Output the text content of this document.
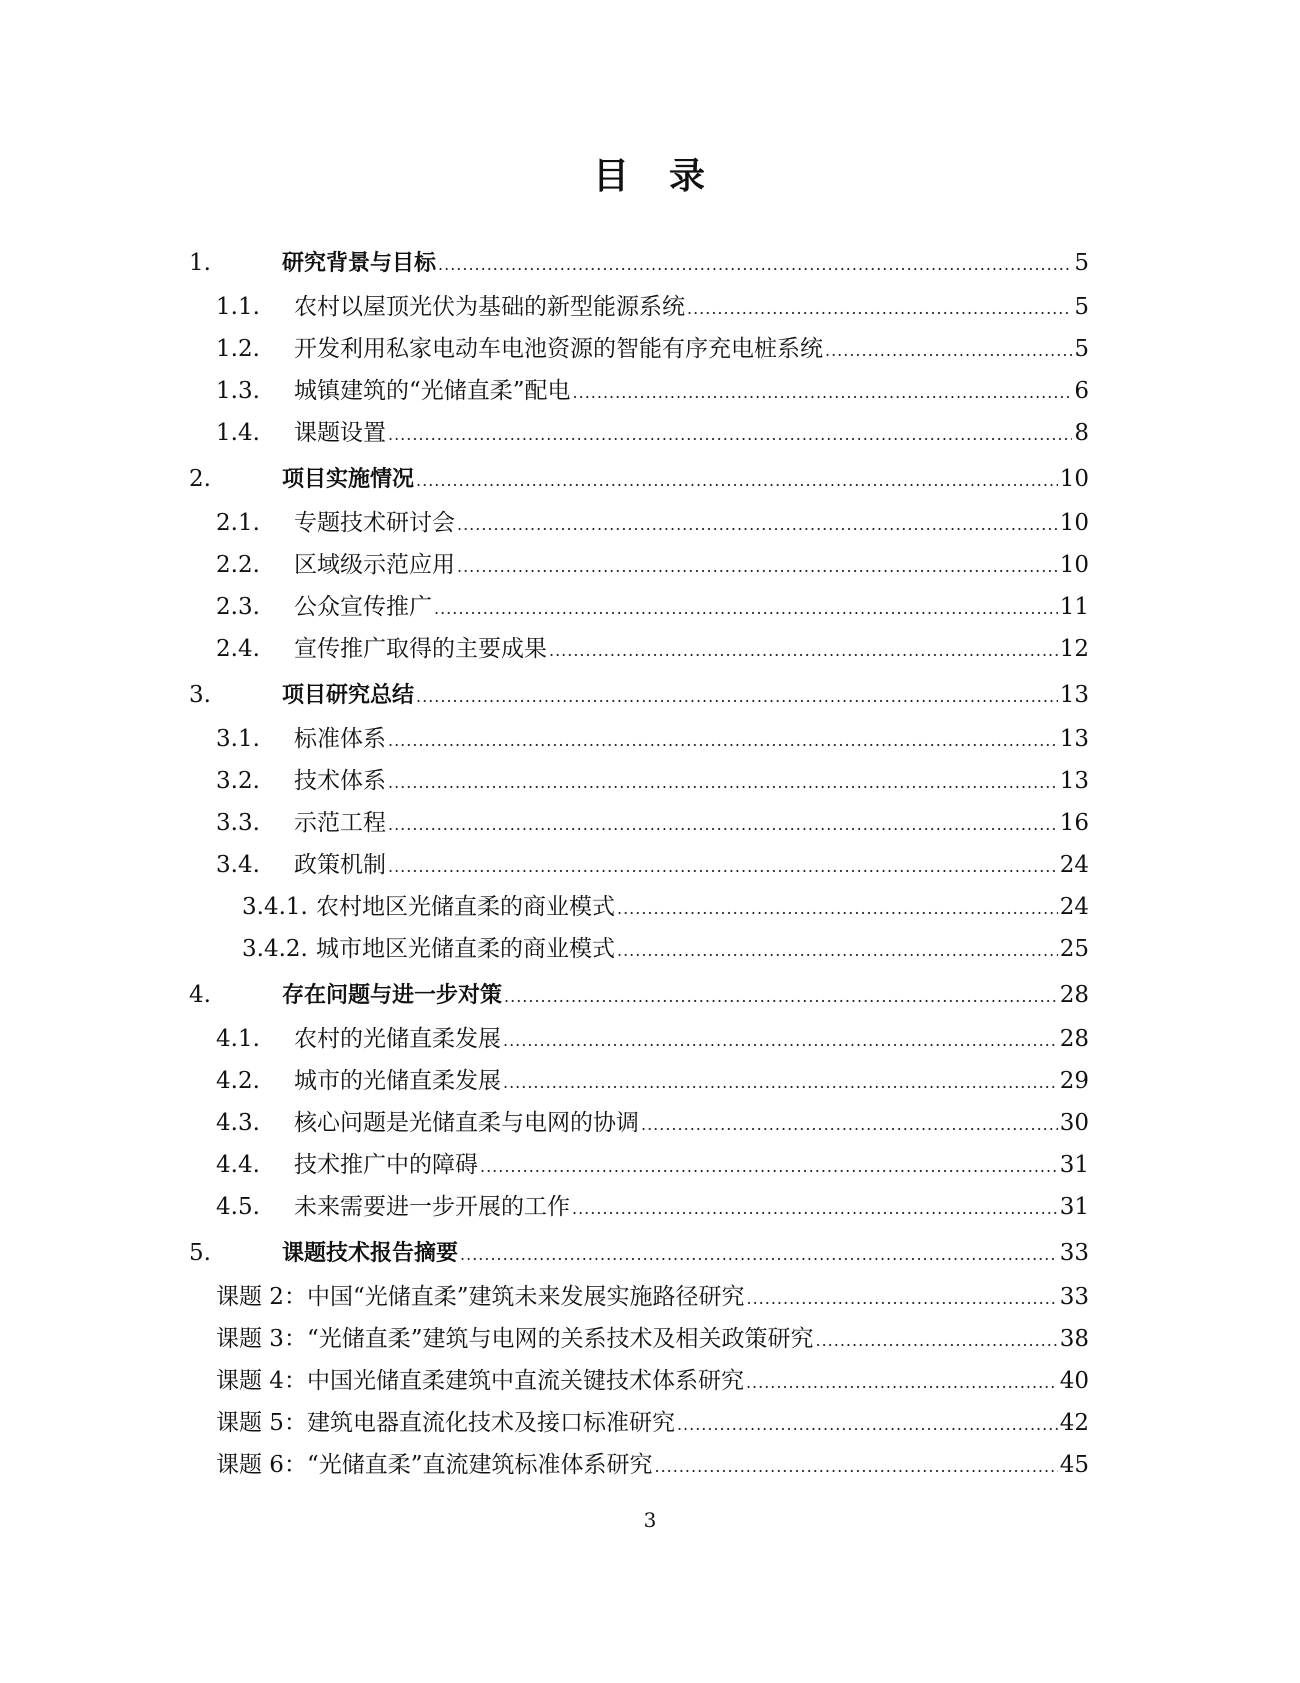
目　录
1.	研究背景与目标 .....	5
1.1.	农村以屋顶光伏为基础的新型能源系统 .....	5
1.2.	开发利用私家电动车电池资源的智能有序充电桩系统 .....	5
1.3.	城镇建筑的“光储直柔”配电 .....	6
1.4.	课题设置 .....	8
2.	项目实施情况 .....	10
2.1.	专题技术研讨会 .....	10
2.2.	区域级示范应用 .....	10
2.3.	公众宣传推广 .....	11
2.4.	宣传推广取得的主要成果 .....	12
3.	项目研究总结 .....	13
3.1.	标准体系 .....	13
3.2.	技术体系 .....	13
3.3.	示范工程 .....	16
3.4.	政策机制 .....	24
3.4.1. 农村地区光储直柔的商业模式 .....	24
3.4.2. 城市地区光储直柔的商业模式 .....	25
4.	存在问题与进一步对策 .....	28
4.1.	农村的光储直柔发展 .....	28
4.2.	城市的光储直柔发展 .....	29
4.3.	核心问题是光储直柔与电网的协调 .....	30
4.4.	技术推广中的障碍 .....	31
4.5.	未来需要进一步开展的工作 .....	31
5.	课题技术报告摘要 .....	33
课题 2： 中国“光储直柔”建筑未来发展实施路径研究 .....	33
课题 3： “光储直柔”建筑与电网的关系技术及相关政策研究 .....	38
课题 4： 中国光储直柔建筑中直流关键技术体系研究 .....	40
课题 5： 建筑电器直流化技术及接口标准研究 .....	42
课题 6： “光储直柔”直流建筑标准体系研究 .....	45
3
